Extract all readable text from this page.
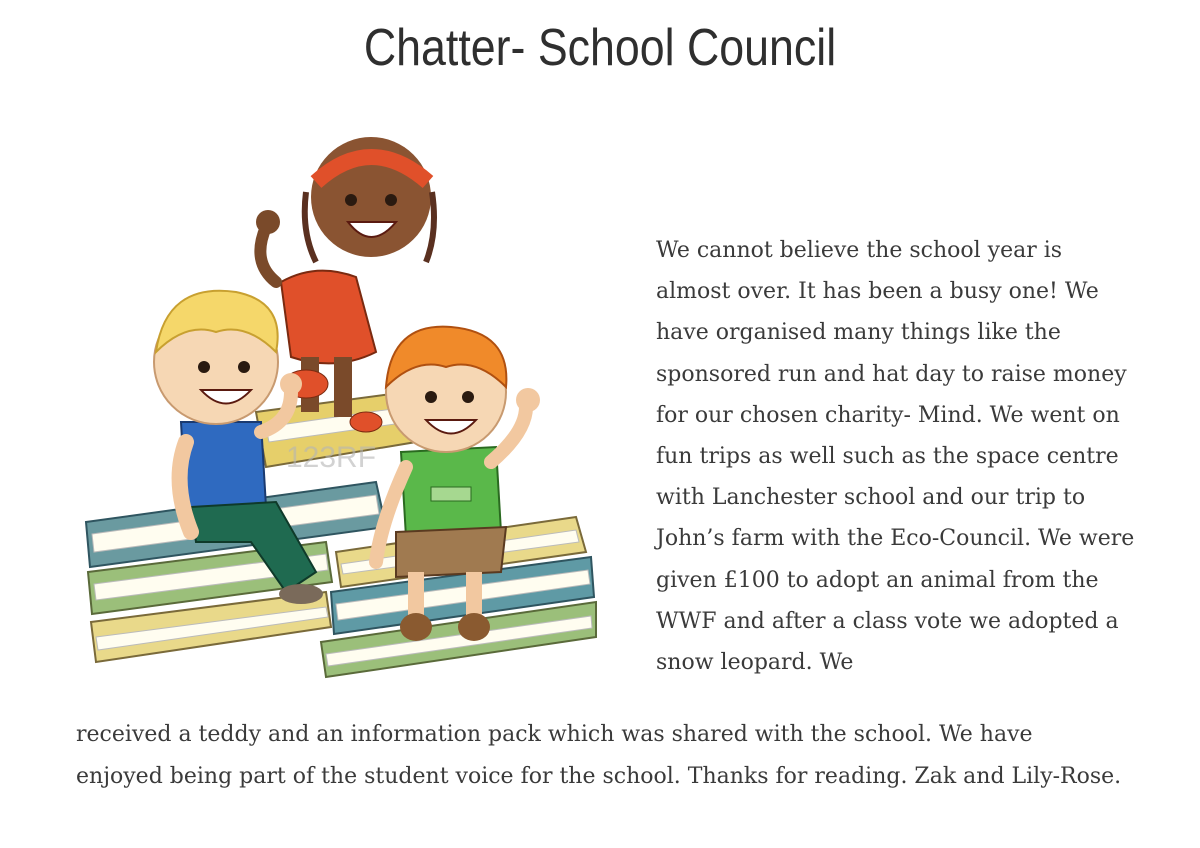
Chatter- School Council
123RF

We cannot believe the school year is almost over. It has been a busy one! We have organised many things like the sponsored run and hat day to raise money for our chosen charity- Mind. We went on fun trips as well such as the space centre with Lanchester school and our trip to John’s farm with the Eco-Council. We were given £100 to adopt an animal from the WWF and after a class vote we adopted a snow leopard. We

received a teddy and an information pack which was shared with the school. We have enjoyed being part of the student voice for the school. Thanks for reading. Zak and Lily-Rose.
